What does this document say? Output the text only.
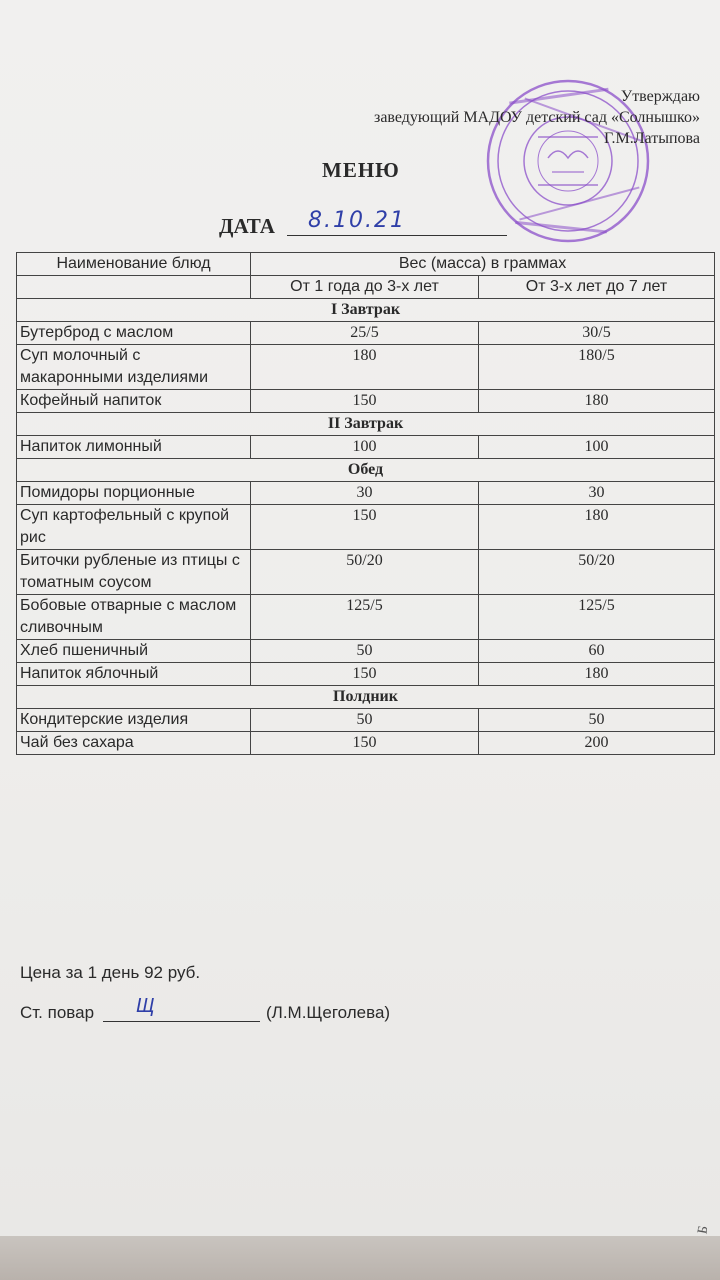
Утверждаю
заведующий МАДОУ детский сад «Солнышко»
Г.М.Латыпова
МЕНЮ
ДАТА 8.10.21
Наименование блюд	Вес (масса) в граммах	
	От 1 года до 3-х лет	От 3-х лет до 7 лет
I Завтрак		
Бутерброд с маслом	25/5	30/5
Суп молочный с макаронными изделиями	180	180/5
Кофейный напиток	150	180
II Завтрак		
Напиток лимонный	100	100
Обед		
Помидоры порционные	30	30
Суп картофельный с крупой рис	150	180
Биточки рубленые из птицы с томатным соусом	50/20	50/20
Бобовые отварные с маслом сливочным	125/5	125/5
Хлеб пшеничный	50	60
Напиток яблочный	150	180
Полдник		
Кондитерские изделия	50	50
Чай без сахара	150	200
Цена за 1 день 92 руб.
Ст. повар Щ	(Л.М.Щеголева)
Б
